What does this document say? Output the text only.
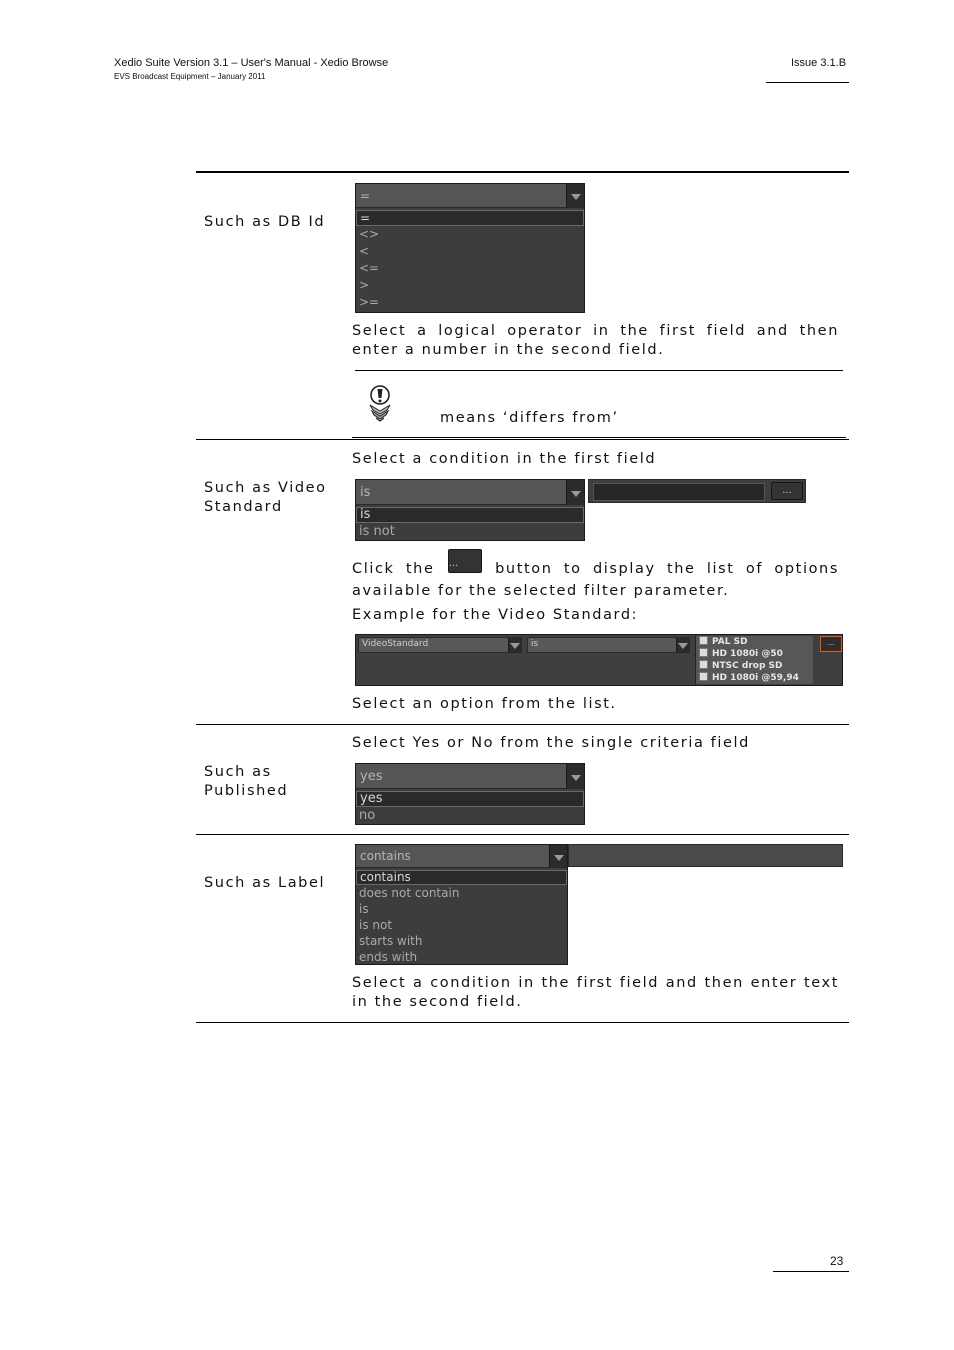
Xedio Suite Version 3.1 – User's Manual - Xedio Browse
EVS Broadcast Equipment – January 2011
Issue 3.1.B
Such as DB Id
=
=
<>
<
<=
>
>=
Select a logical operator in the first field and then enter a number in the second field.
means ‘differs from’
Such as Video
Standard
Select a condition in the first field
is
is
is not
...
Click the ...	button to display the list of options available for the selected filter parameter.
Example for the Video Standard:
VideoStandard	is	PAL SD
HD 1080i @50
NTSC drop SD
HD 1080i @59,94
...
Select an option from the list.
Select Yes or No from the single criteria field
Such as
Published
yes
yes
no
Such as Label
contains
contains
does not contain
is
is not
starts with
ends with
Select a condition in the first field and then enter text in the second field.
23
